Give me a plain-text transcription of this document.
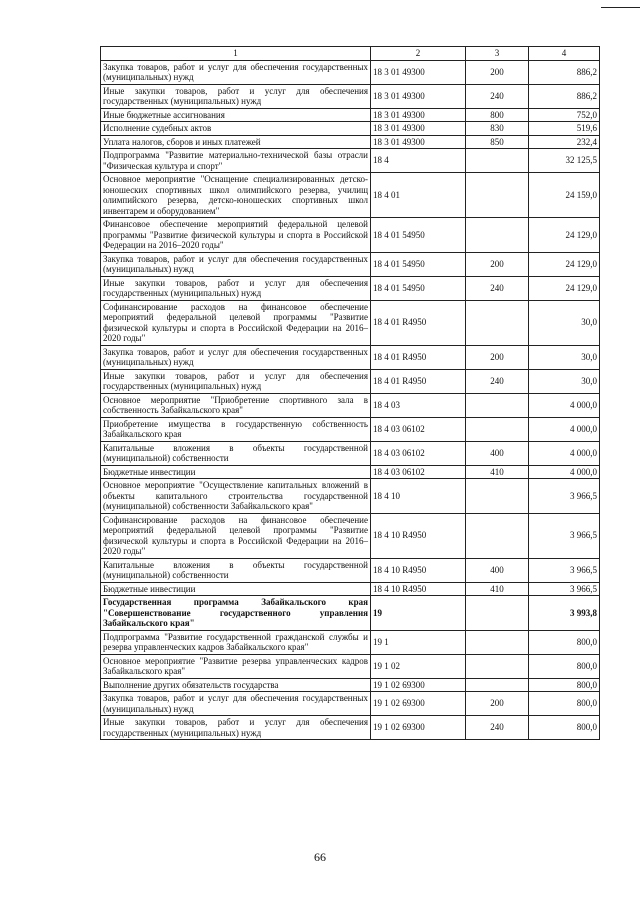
1	2	3	4
Закупка товаров, работ и услуг для обеспечения государственных (муниципальных) нужд	18 3 01 49300	200	886,2
Иные закупки товаров, работ и услуг для обеспечения государственных (муниципальных) нужд	18 3 01 49300	240	886,2
Иные бюджетные ассигнования	18 3 01 49300	800	752,0
Исполнение судебных актов	18 3 01 49300	830	519,6
Уплата налогов, сборов и иных платежей	18 3 01 49300	850	232,4
Подпрограмма "Развитие материально-технической базы отрасли "Физическая культура и спорт"	18 4		32 125,5
Основное мероприятие "Оснащение специализированных детско-юношеских спортивных школ олимпийского резерва, училищ олимпийского резерва, детско-юношеских спортивных школ инвентарем и оборудованием"	18 4 01		24 159,0
Финансовое обеспечение мероприятий федеральной целевой программы "Развитие физической культуры и спорта в Российской Федерации на 2016–2020 годы"	18 4 01 54950		24 129,0
Закупка товаров, работ и услуг для обеспечения государственных (муниципальных) нужд	18 4 01 54950	200	24 129,0
Иные закупки товаров, работ и услуг для обеспечения государственных (муниципальных) нужд	18 4 01 54950	240	24 129,0
Софинансирование расходов на финансовое обеспечение мероприятий федеральной целевой программы "Развитие физической культуры и спорта в Российской Федерации на 2016–2020 годы"	18 4 01 R4950		30,0
Закупка товаров, работ и услуг для обеспечения государственных (муниципальных) нужд	18 4 01 R4950	200	30,0
Иные закупки товаров, работ и услуг для обеспечения государственных (муниципальных) нужд	18 4 01 R4950	240	30,0
Основное мероприятие "Приобретение спортивного зала в собственность Забайкальского края"	18 4 03		4 000,0
Приобретение имущества в государственную собственность Забайкальского края	18 4 03 06102		4 000,0
Капитальные вложения в объекты государственной (муниципальной) собственности	18 4 03 06102	400	4 000,0
Бюджетные инвестиции	18 4 03 06102	410	4 000,0
Основное мероприятие "Осуществление капитальных вложений в объекты капитального строительства государственной (муниципальной) собственности Забайкальского края"	18 4 10		3 966,5
Софинансирование расходов на финансовое обеспечение мероприятий федеральной целевой программы "Развитие физической культуры и спорта в Российской Федерации на 2016–2020 годы"	18 4 10 R4950		3 966,5
Капитальные вложения в объекты государственной (муниципальной) собственности	18 4 10 R4950	400	3 966,5
Бюджетные инвестиции	18 4 10 R4950	410	3 966,5
Государственная программа Забайкальского края "Совершенствование государственного управления Забайкальского края"	19		3 993,8
Подпрограмма "Развитие государственной гражданской службы и резерва управленческих кадров Забайкальского края"	19 1		800,0
Основное мероприятие "Развитие резерва управленческих кадров Забайкальского края"	19 1 02		800,0
Выполнение других обязательств государства	19 1 02 69300		800,0
Закупка товаров, работ и услуг для обеспечения государственных (муниципальных) нужд	19 1 02 69300	200	800,0
Иные закупки товаров, работ и услуг для обеспечения государственных (муниципальных) нужд	19 1 02 69300	240	800,0
66
